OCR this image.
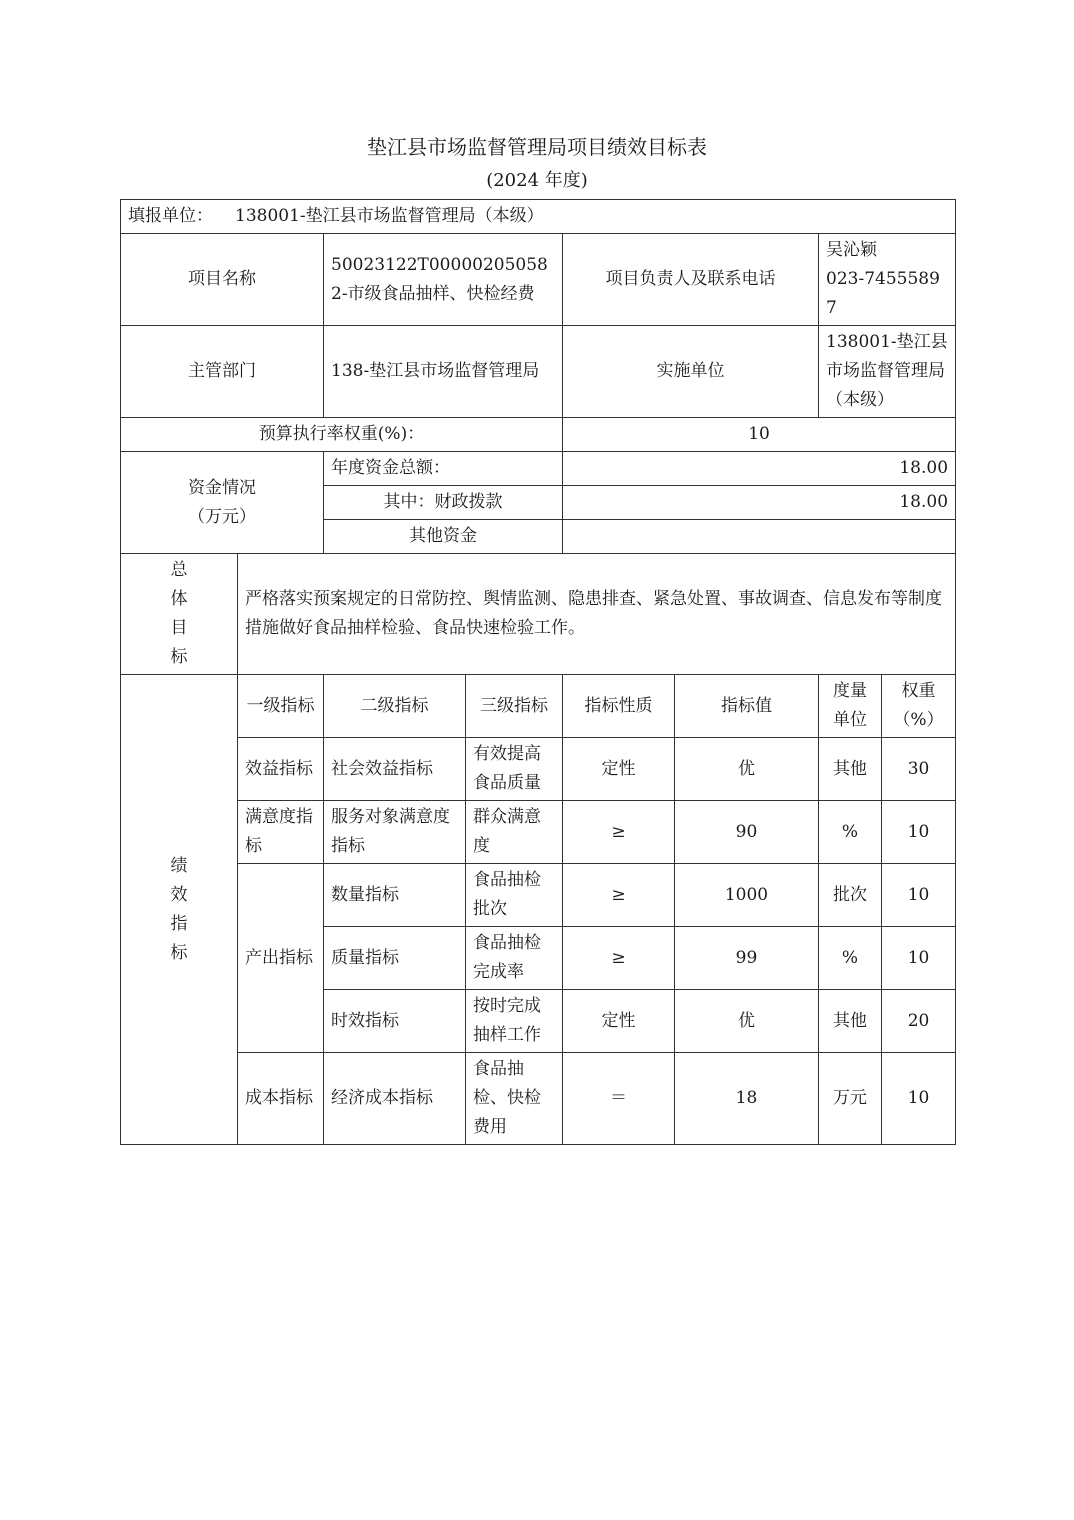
垫江县市场监督管理局项目绩效目标表
(2024 年度)
填报单位： 138001-垫江县市场监督管理局（本级）							
项目名称		50023122T000002050582-市级食品抽样、快检经费		项目负责人及联系电话		吴沁颖
023-74555897	

主管部门		138-垫江县市场监督管理局		实施单位		138001-垫江县市场监督管理局（本级）	
预算执行率权重(%)：				10			

资金情况
（万元）		年度资金总额：		18.00			
		其中：财政拨款		18.00			
		其他资金					

总
体
目
标	严格落实预案规定的日常防控、舆情监测、隐患排查、紧急处置、事故调查、信息发布等制度措施做好食品抽样检验、食品快速检验工作。						

绩
效
指
标	一级指标	二级指标	三级指标	指标性质	指标值	度量单位	权重（%）
	效益指标	社会效益指标	有效提高食品质量	定性	优	其他	30
	满意度指标	服务对象满意度指标	群众满意度	≥	90	%	10
	产出指标	数量指标	食品抽检批次	≥	1000	批次	10
		质量指标	食品抽检完成率	≥	99	%	10
		时效指标	按时完成抽样工作	定性	优	其他	20
	成本指标	经济成本指标	食品抽检、快检费用	＝	18	万元	10
